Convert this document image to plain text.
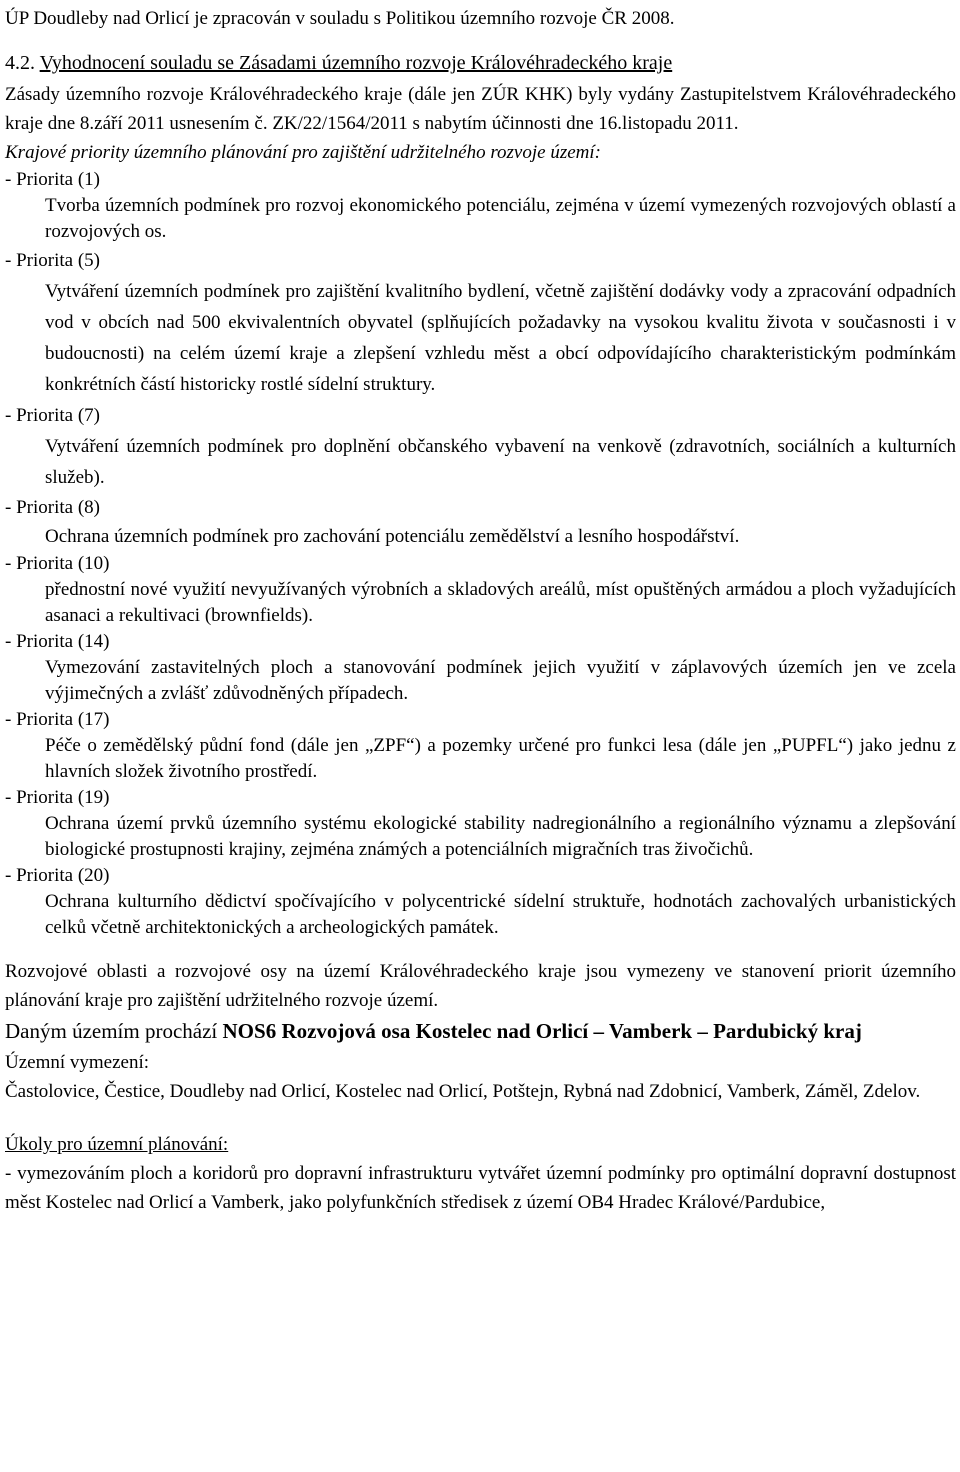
ÚP Doudleby nad Orlicí je zpracován v souladu s Politikou územního rozvoje ČR 2008.

4.2. Vyhodnocení souladu se Zásadami územního rozvoje Královéhradeckého kraje

Zásady územního rozvoje Královéhradeckého kraje (dále jen ZÚR KHK) byly vydány Zastupitelstvem Královéhradeckého kraje dne 8.září 2011 usnesením č. ZK/22/1564/2011 s nabytím účinnosti dne 16.listopadu 2011.

Krajové priority územního plánování pro zajištění udržitelného rozvoje území:

- Priorita (1)
Tvorba územních podmínek pro rozvoj ekonomického potenciálu, zejména v území vymezených rozvojových oblastí a rozvojových os.
- Priorita (5)
Vytváření územních podmínek pro zajištění kvalitního bydlení, včetně zajištění dodávky vody a zpracování odpadních vod v obcích nad 500 ekvivalentních obyvatel (splňujících požadavky na vysokou kvalitu života v současnosti i v budoucnosti) na celém území kraje a zlepšení vzhledu měst a obcí odpovídajícího charakteristickým podmínkám konkrétních částí historicky rostlé sídelní struktury.
- Priorita (7)
Vytváření územních podmínek pro doplnění občanského vybavení na venkově (zdravotních, sociálních a kulturních služeb).
- Priorita (8)
Ochrana územních podmínek pro zachování potenciálu zemědělství a lesního hospodářství.
- Priorita (10)
přednostní nové využití nevyužívaných výrobních a skladových areálů, míst opuštěných armádou a ploch vyžadujících asanaci a rekultivaci (brownfields).
- Priorita (14)
Vymezování zastavitelných ploch a stanovování podmínek jejich využití v záplavových územích jen ve zcela výjimečných a zvlášť zdůvodněných případech.
- Priorita (17)
Péče o zemědělský půdní fond (dále jen „ZPF“) a pozemky určené pro funkci lesa (dále jen „PUPFL“) jako jednu z hlavních složek životního prostředí.
- Priorita (19)
Ochrana území prvků územního systému ekologické stability nadregionálního a regionálního významu a zlepšování biologické prostupnosti krajiny, zejména známých a potenciálních migračních tras živočichů.
- Priorita (20)
Ochrana kulturního dědictví spočívajícího v polycentrické sídelní struktuře, hodnotách zachovalých urbanistických celků včetně architektonických a archeologických památek.

Rozvojové oblasti a rozvojové osy na území Královéhradeckého kraje jsou vymezeny ve stanovení priorit územního plánování kraje pro zajištění udržitelného rozvoje území.

Daným územím prochází NOS6 Rozvojová osa Kostelec nad Orlicí – Vamberk – Pardubický kraj

Územní vymezení:

Častolovice, Čestice, Doudleby nad Orlicí, Kostelec nad Orlicí, Potštejn, Rybná nad Zdobnicí, Vamberk, Záměl, Zdelov.

Úkoly pro územní plánování:

- vymezováním ploch a koridorů pro dopravní infrastrukturu vytvářet územní podmínky pro optimální dopravní dostupnost měst Kostelec nad Orlicí a Vamberk, jako polyfunkčních středisek z území OB4 Hradec Králové/Pardubice,
